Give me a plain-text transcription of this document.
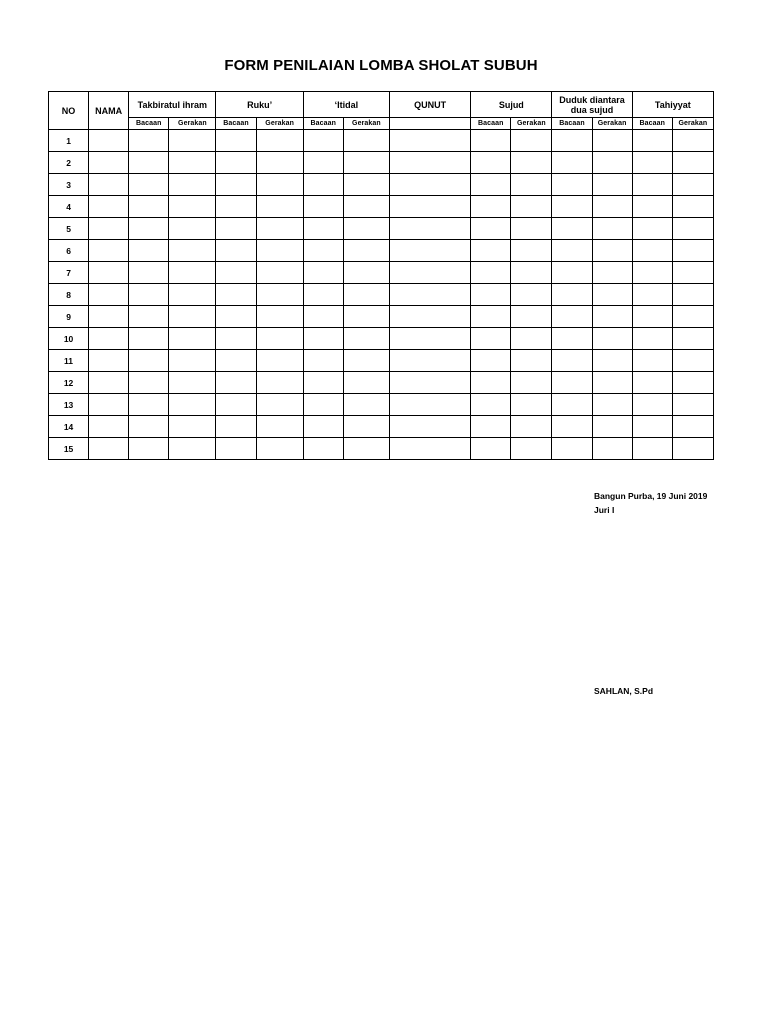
FORM PENILAIAN LOMBA SHOLAT SUBUH
NO	NAMA	Takbiratul ihram		Ruku’		‘Itidal		QUNUT	Sujud		Duduk diantara dua sujud		Tahiyyat	
		Bacaan	Gerakan	Bacaan	Gerakan	Bacaan	Gerakan		Bacaan	Gerakan	Bacaan	Gerakan	Bacaan	Gerakan
1														
2														
3														
4														
5														
6														
7														
8														
9														
10														
11														
12														
13														
14														
15														
Bangun Purba, 19 Juni 2019
Juri I
SAHLAN, S.Pd
